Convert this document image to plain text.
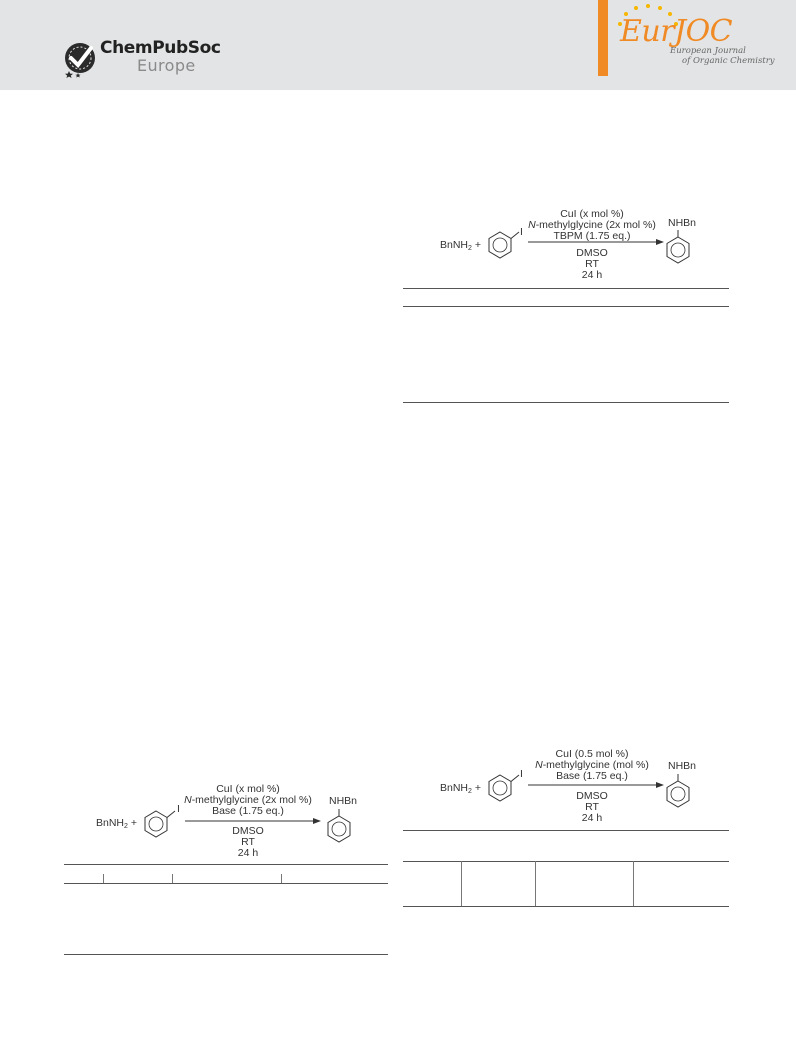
ChemPubSoc
Europe
EurJOC
European Journal
of Organic Chemistry
BnNH$_2$ +
I
NHBn
CuI (x mol %)
N-methylglycine (2x mol %)
TBPM (1.75 eq.)
DMSO
RT
24 h
BnNH$_2$ +
I
NHBn
CuI (0.5 mol %)
N-methylglycine (mol %)
Base (1.75 eq.)
DMSO
RT
24 h
BnNH$_2$ +
I
NHBn
CuI (x mol %)
N-methylglycine (2x mol %)
Base (1.75 eq.)
DMSO
RT
24 h
